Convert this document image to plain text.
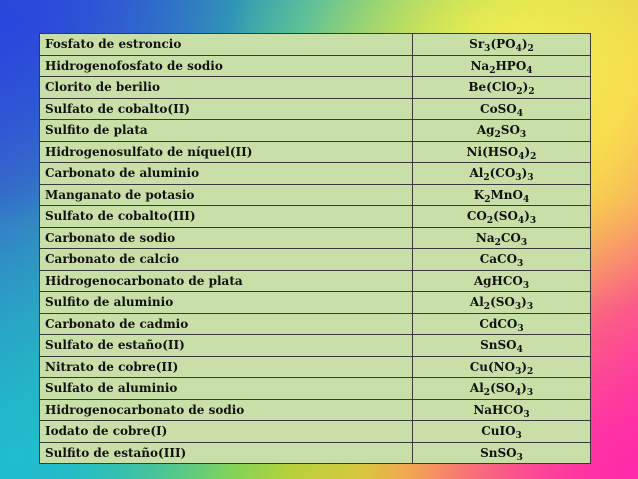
Fosfato de estroncio	$Sr_3(PO_4)_2$
Hidrogenofosfato de sodio	$Na_2HPO_4$
Clorito de berilio	$Be(ClO_2)_2$
Sulfato de cobalto(II)	CoSO$_4$
Sulfito de plata	$Ag_2SO_3$
Hidrogenosulfato de níquel(II)	$Ni(HSO_4)_2$
Carbonato de aluminio	$Al_2(CO_3)_3$
Manganato de potasio	$K_2MnO_4$
Sulfato de cobalto(III)	$CO_2(SO_4)_3$
Carbonato de sodio	$Na_2CO_3$
Carbonato de calcio	CaCO$_3$
Hidrogenocarbonato de plata	AgHCO$_3$
Sulfito de aluminio	$Al_2(SO_3)_3$
Carbonato de cadmio	CdCO$_3$
Sulfato de estaño(II)	SnSO$_4$
Nitrato de cobre(II)	$Cu(NO_3)_2$
Sulfato de aluminio	$Al_2(SO_4)_3$
Hidrogenocarbonato de sodio	NaHCO$_3$
Iodato de cobre(I)	CuIO$_3$
Sulfito de estaño(III)	SnSO$_3$
